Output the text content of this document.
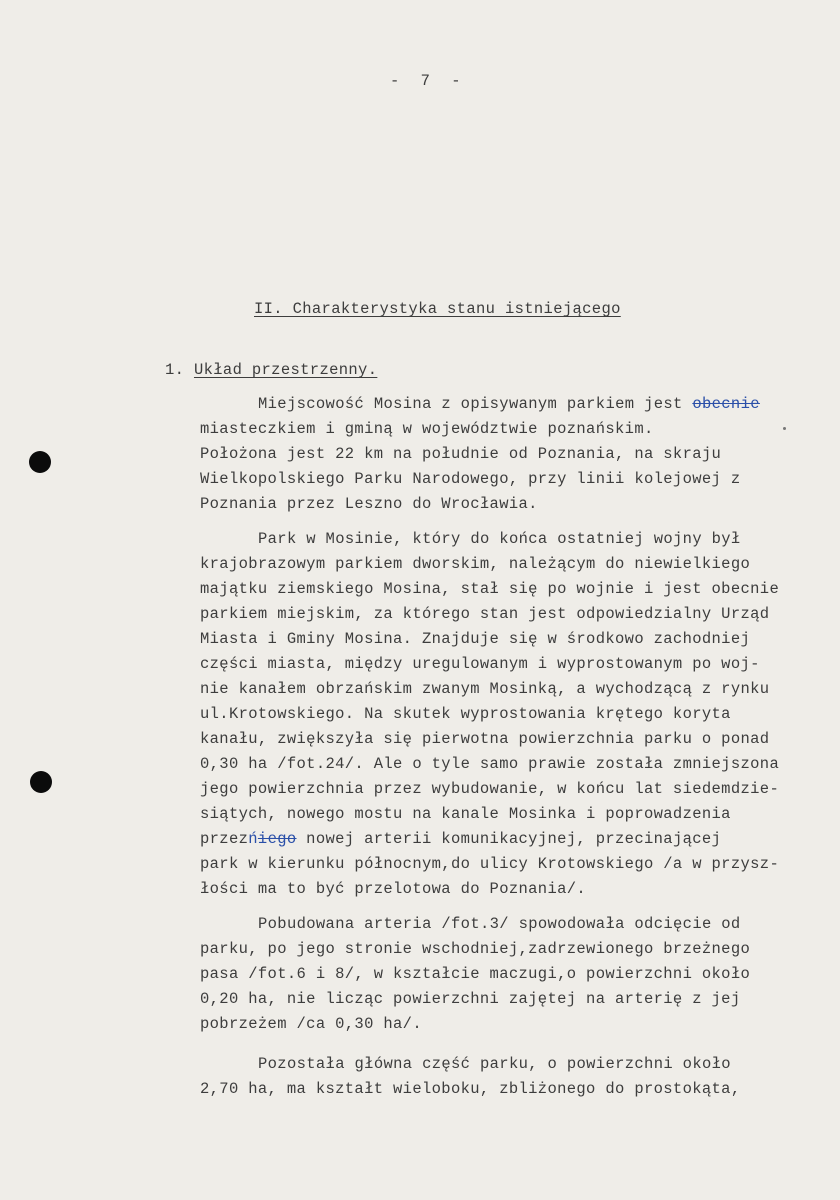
- 7 -
II. Charakterystyka stanu istniejącego
1. Układ przestrzenny.
Miejscowość Mosina z opisywanym parkiem jest obecnie
miasteczkiem i gminą w województwie poznańskim.
Położona jest 22 km na południe od Poznania, na skraju
Wielkopolskiego Parku Narodowego, przy linii kolejowej z
Poznania przez Leszno do Wrocławia.
Park w Mosinie, który do końca ostatniej wojny był
krajobrazowym parkiem dworskim, należącym do niewielkiego
majątku ziemskiego Mosina, stał się po wojnie i jest obecnie
parkiem miejskim, za którego stan jest odpowiedzialny Urząd
Miasta i Gminy Mosina. Znajduje się w środkowo zachodniej
części miasta, między uregulowanym i wyprostowanym po woj-
nie kanałem obrzańskim zwanym Mosinką, a wychodzącą z rynku
ul.Krotowskiego. Na skutek wyprostowania krętego koryta
kanału, zwiększyła się pierwotna powierzchnia parku o ponad
0,30 ha /fot.24/. Ale o tyle samo prawie została zmniejszona
jego powierzchnia przez wybudowanie, w końcu lat siedemdzie-
siątych, nowego mostu na kanale Mosinka i poprowadzenia
przezńiego nowej arterii komunikacyjnej, przecinającej
park w kierunku północnym,do ulicy Krotowskiego /a w przysz-
łości ma to być przelotowa do Poznania/.
Pobudowana arteria /fot.3/ spowodowała odcięcie od
parku, po jego stronie wschodniej,zadrzewionego brzeżnego
pasa /fot.6 i 8/, w kształcie maczugi,o powierzchni około
0,20 ha, nie licząc powierzchni zajętej na arterię z jej
pobrzeżem /ca 0,30 ha/.
Pozostała główna część parku, o powierzchni około
2,70 ha, ma kształt wieloboku, zbliżonego do prostokąta,
